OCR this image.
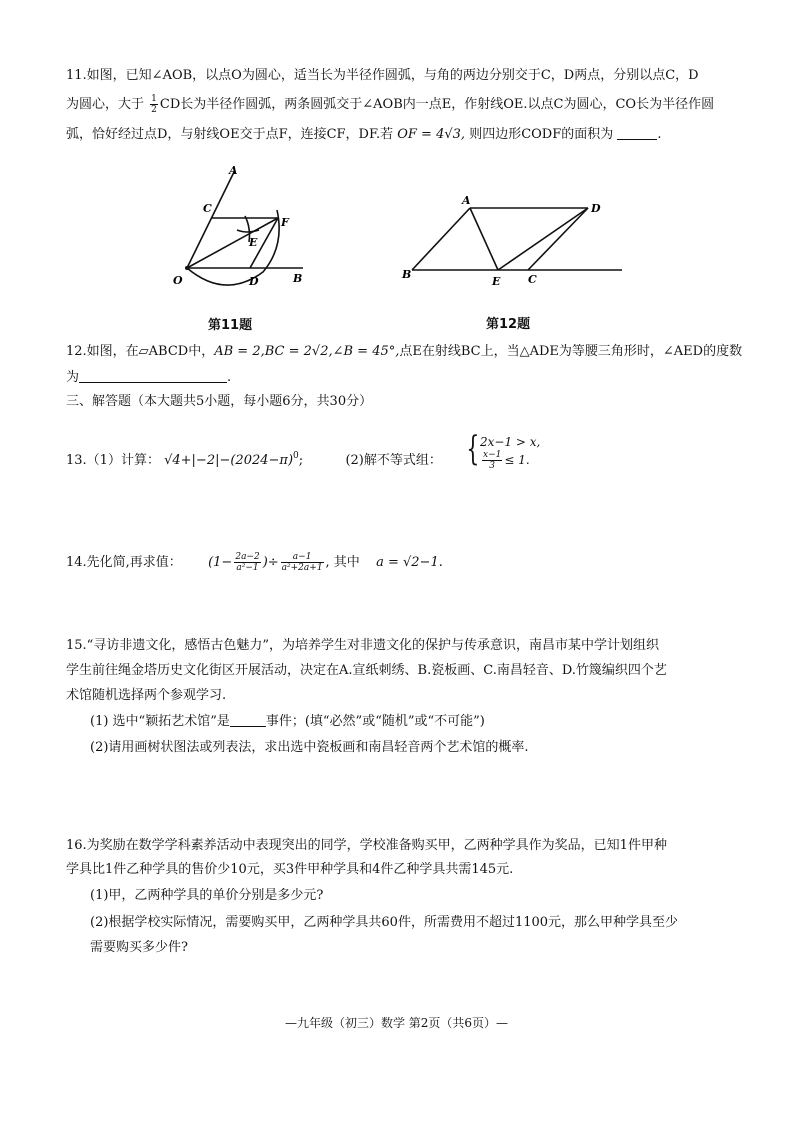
11.如图，已知∠AOB，以点O为圆心，适当长为半径作圆弧，与角的两边分别交于C，D两点，分别以点C，D
为圆心，大于 $\frac{1}{2}$ CD长为半径作圆弧，两条圆弧交于∠AOB内一点E，作射线OE.以点C为圆心，CO长为半径作圆
弧，恰好经过点D，与射线OE交于点F，连接CF，DF.若 OF = 4√3, 则四边形CODF的面积为	.
A
C
F
E
O	D	B
第11题
A
D
B
E	C
第12题
12.如图，在▱ABCD中，AB = 2,BC = 2√2,∠B = 45°,点E在射线BC上，当△ADE为等腰三角形时，∠AED的度数
为	.
三、解答题（本大题共5小题，每小题6分，共30分）
13.（1）计算： $√4+|-2|-(2024-\pi)^0$;	(2)解不等式组： { 2x−1 > x,
$\frac{x-1}{3} \le 1$.
14.先化简,再求值： ($1- \frac{2a-2}{\text{a²−1}}$ )÷ $\frac{a-1}{\text{a²+2a+1}}$ , 其中 a = √2−1.
15.“寻访非遗文化，感悟古色魅力”，为培养学生对非遗文化的保护与传承意识，南昌市某中学计划组织
学生前往绳金塔历史文化街区开展活动，决定在A.宣纸刺绣、B.瓷板画、C.南昌轻音、D.竹篾编织四个艺
术馆随机选择两个参观学习.
(1) 选中“颖拓艺术馆”是	事件；(填“必然”或“随机”或“不可能”)
(2)请用画树状图法或列表法，求出选中瓷板画和南昌轻音两个艺术馆的概率.
16.为奖励在数学学科素养活动中表现突出的同学，学校准备购买甲，乙两种学具作为奖品，已知1件甲种
学具比1件乙种学具的售价少10元，买3件甲种学具和4件乙种学具共需145元.
(1)甲，乙两种学具的单价分别是多少元?
(2)根据学校实际情况，需要购买甲，乙两种学具共60件，所需费用不超过1100元，那么甲种学具至少
需要购买多少件?
—九年级（初三）数学 第2页（共6页）—
